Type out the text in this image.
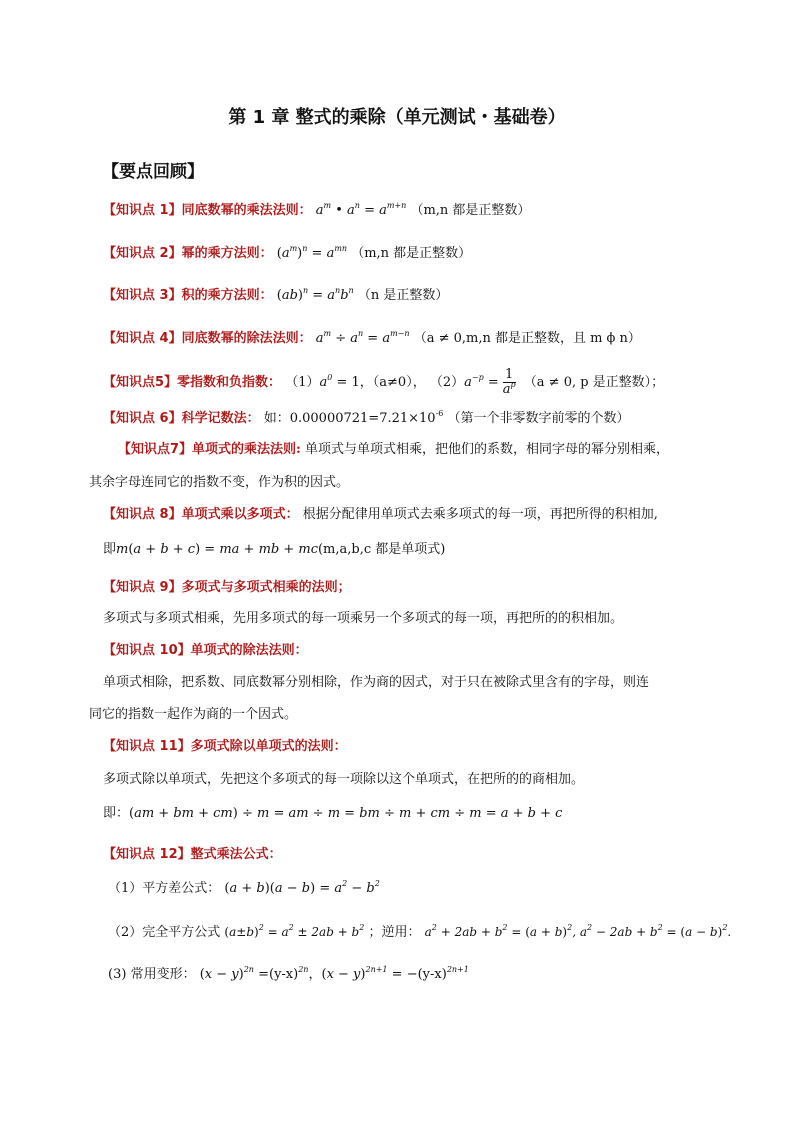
第 1 章 整式的乘除（单元测试・基础卷）
【要点回顾】
【知识点 1】同底数幂的乘法法则： $a^m$ • $a^n = a^{m+n}$ （m,n 都是正整数）
【知识点 2】幂的乘方法则： $(a^m)^n = a^{mn}$ （m,n 都是正整数）
【知识点 3】积的乘方法则： $(ab)^n = a^nb^n$ （n 是正整数）
【知识点 4】同底数幂的除法法则： $a^m \div a^n = a^{m-n}$ （a ≠ 0,m,n 都是正整数，且 m ϕ n）
【知识点5】零指数和负指数： $(1)a^0 = 1$，（a≠0）， $(2)a^{-p} = \frac{1}{a^p} (a \ne 0$, p 是正整数）；
【知识点 6】科学记数法： 如：$0.00000721=7.21\times 10^{-6}$ （第一个非零数字前零的个数）
【知识点7】单项式的乘法法则: 单项式与单项式相乘，把他们的系数，相同字母的幂分别相乘，
其余字母连同它的指数不变，作为积的因式。
【知识点 8】单项式乘以多项式： 根据分配律用单项式去乘多项式的每一项，再把所得的积相加,
即m(a + b + c) = ma + mb + mc(m,a,b,c 都是单项式)
【知识点 9】多项式与多项式相乘的法则；
多项式与多项式相乘，先用多项式的每一项乘另一个多项式的每一项，再把所的的积相加。
【知识点 10】单项式的除法法则：
单项式相除，把系数、同底数幂分别相除，作为商的因式，对于只在被除式里含有的字母，则连
同它的指数一起作为商的一个因式。
【知识点 11】多项式除以单项式的法则：
多项式除以单项式，先把这个多项式的每一项除以这个单项式，在把所的的商相加。
即：(am + bm + cm) ÷ m = am ÷ m = bm ÷ m + cm ÷ m = a + b + c
【知识点 12】整式乘法公式：
（1）平方差公式： $(a + b)(a - b) = a^2 - b^2$
（2）完全平方公式 $(a\pm b)^2 = a^2 \pm 2ab + b^2$ ；逆用： $a^2 + 2ab + b^2 = (a + b)^2$, $a^2 - 2ab + b^2 = (a - b)^2$.
(3) 常用变形： $(x - y)^{2n} =(y-x)^{2n}$，$(x - y)^{2n+1} = -(y-x)^{2n+1}$
